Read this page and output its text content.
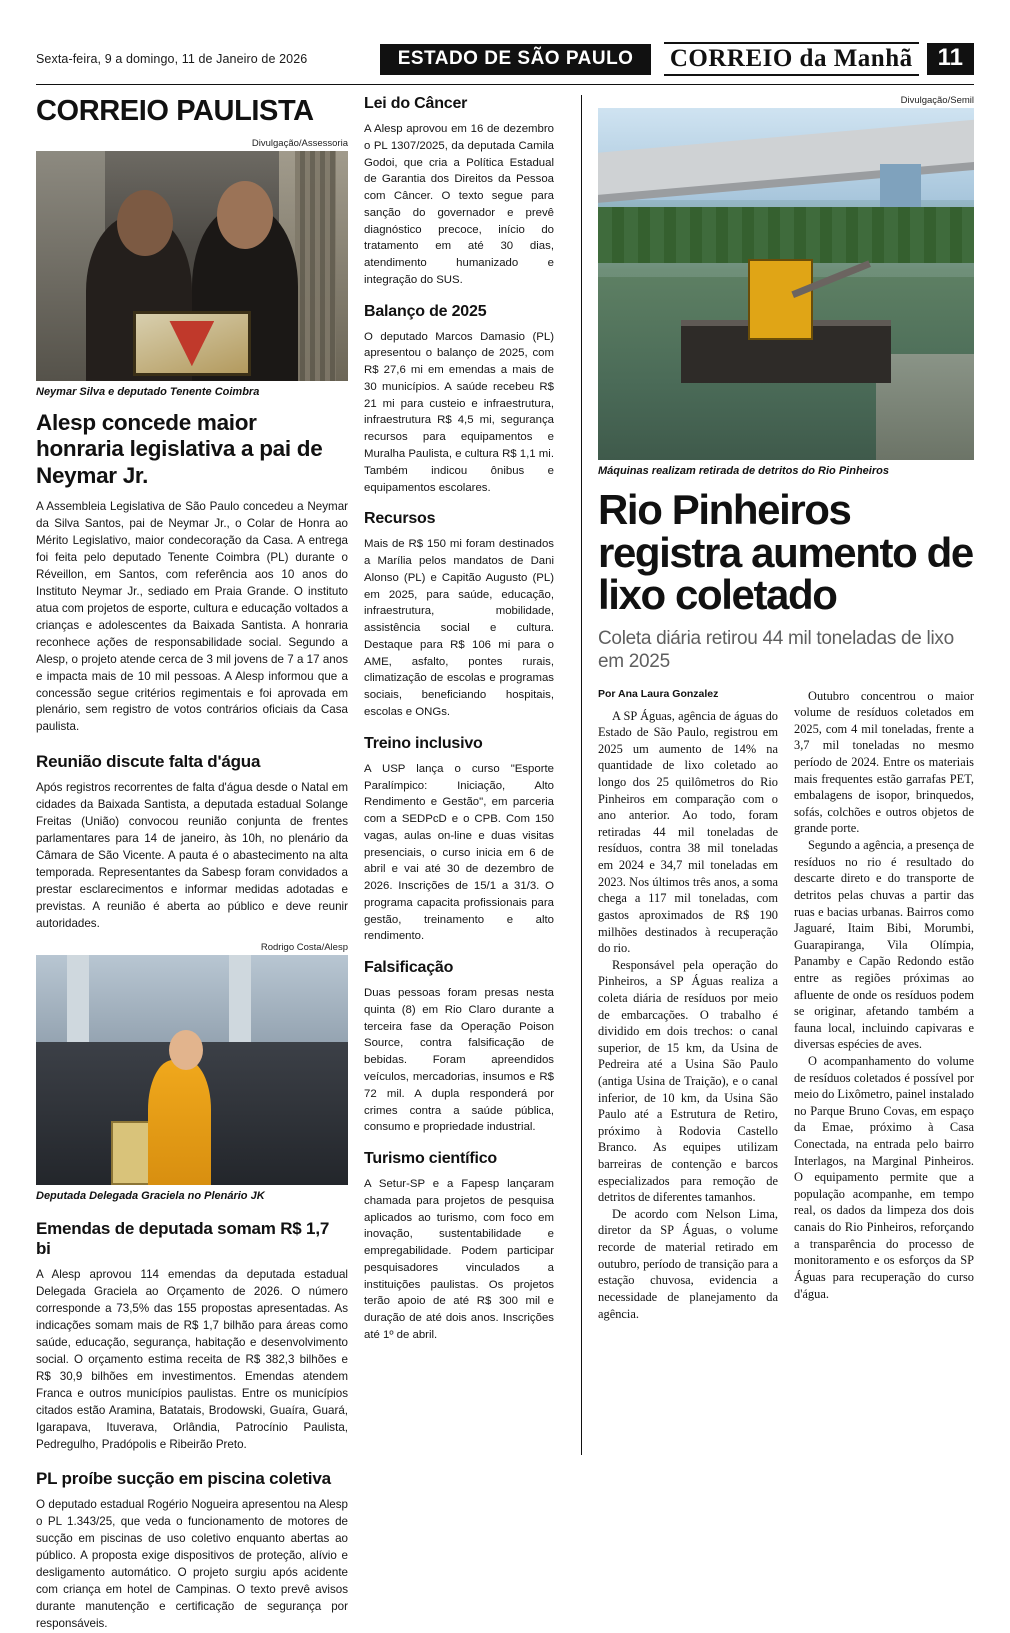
Sexta-feira, 9 a domingo, 11 de Janeiro de 2026	ESTADO DE SÃO PAULO	CORREIO da Manhã	11
CORREIO PAULISTA
Divulgação/Assessoria
Neymar Silva e deputado Tenente Coimbra
Alesp concede maior honraria legislativa a pai de Neymar Jr.

A Assembleia Legislativa de São Paulo concedeu a Neymar da Silva Santos, pai de Neymar Jr., o Colar de Honra ao Mérito Legislativo, maior condecoração da Casa. A entrega foi feita pelo deputado Tenente Coimbra (PL) durante o Réveillon, em Santos, com referência aos 10 anos do Instituto Neymar Jr., sediado em Praia Grande. O instituto atua com projetos de esporte, cultura e educação voltados a crianças e adolescentes da Baixada Santista. A honraria reconhece ações de responsabilidade social. Segundo a Alesp, o projeto atende cerca de 3 mil jovens de 7 a 17 anos e impacta mais de 10 mil pessoas. A Alesp informou que a concessão segue critérios regimentais e foi aprovada em plenário, sem registro de votos contrários oficiais da Casa paulista.

Reunião discute falta d'água

Após registros recorrentes de falta d'água desde o Natal em cidades da Baixada Santista, a deputada estadual Solange Freitas (União) convocou reunião conjunta de frentes parlamentares para 14 de janeiro, às 10h, no plenário da Câmara de São Vicente. A pauta é o abastecimento na alta temporada. Representantes da Sabesp foram convidados a prestar esclarecimentos e informar medidas adotadas e previstas. A reunião é aberta ao público e deve reunir autoridades.

Rodrigo Costa/Alesp
Deputada Delegada Graciela no Plenário JK
Emendas de deputada somam R$ 1,7 bi

A Alesp aprovou 114 emendas da deputada estadual Delegada Graciela ao Orçamento de 2026. O número corresponde a 73,5% das 155 propostas apresentadas. As indicações somam mais de R$ 1,7 bilhão para áreas como saúde, educação, segurança, habitação e desenvolvimento social. O orçamento estima receita de R$ 382,3 bilhões e R$ 30,9 bilhões em investimentos. Emendas atendem Franca e outros municípios paulistas. Entre os municípios citados estão Aramina, Batatais, Brodowski, Guaíra, Guará, Igarapava, Ituverava, Orlândia, Patrocínio Paulista, Pedregulho, Pradópolis e Ribeirão Preto.

PL proíbe sucção em piscina coletiva

O deputado estadual Rogério Nogueira apresentou na Alesp o PL 1.343/25, que veda o funcionamento de motores de sucção em piscinas de uso coletivo enquanto abertas ao público. A proposta exige dispositivos de proteção, alívio e desligamento automático. O projeto surgiu após acidente com criança em hotel de Campinas. O texto prevê avisos durante manutenção e certificação de segurança por responsáveis.

Lei do Câncer

A Alesp aprovou em 16 de dezembro o PL 1307/2025, da deputada Camila Godoi, que cria a Política Estadual de Garantia dos Direitos da Pessoa com Câncer. O texto segue para sanção do governador e prevê diagnóstico precoce, início do tratamento em até 30 dias, atendimento humanizado e integração do SUS.

Balanço de 2025

O deputado Marcos Damasio (PL) apresentou o balanço de 2025, com R$ 27,6 mi em emendas a mais de 30 municípios. A saúde recebeu R$ 21 mi para custeio e infraestrutura, infraestrutura R$ 4,5 mi, segurança recursos para equipamentos e Muralha Paulista, e cultura R$ 1,1 mi. Também indicou ônibus e equipamentos escolares.

Recursos

Mais de R$ 150 mi foram destinados a Marília pelos mandatos de Dani Alonso (PL) e Capitão Augusto (PL) em 2025, para saúde, educação, infraestrutura, mobilidade, assistência social e cultura. Destaque para R$ 106 mi para o AME, asfalto, pontes rurais, climatização de escolas e programas sociais, beneficiando hospitais, escolas e ONGs.

Treino inclusivo

A USP lança o curso "Esporte Paralímpico: Iniciação, Alto Rendimento e Gestão", em parceria com a SEDPcD e o CPB. Com 150 vagas, aulas on-line e duas visitas presenciais, o curso inicia em 6 de abril e vai até 30 de dezembro de 2026. Inscrições de 15/1 a 31/3. O programa capacita profissionais para gestão, treinamento e alto rendimento.

Falsificação

Duas pessoas foram presas nesta quinta (8) em Rio Claro durante a terceira fase da Operação Poison Source, contra falsificação de bebidas. Foram apreendidos veículos, mercadorias, insumos e R$ 72 mil. A dupla responderá por crimes contra a saúde pública, consumo e propriedade industrial.

Turismo científico

A Setur-SP e a Fapesp lançaram chamada para projetos de pesquisa aplicados ao turismo, com foco em inovação, sustentabilidade e empregabilidade. Podem participar pesquisadores vinculados a instituições paulistas. Os projetos terão apoio de até R$ 300 mil e duração de até dois anos. Inscrições até 1º de abril.

Divulgação/Semil
Máquinas realizam retirada de detritos do Rio Pinheiros
Rio Pinheiros registra aumento de lixo coletado
Coleta diária retirou 44 mil toneladas de lixo em 2025
Por Ana Laura Gonzalez

A SP Águas, agência de águas do Estado de São Paulo, registrou em 2025 um aumento de 14% na quantidade de lixo coletado ao longo dos 25 quilômetros do Rio Pinheiros em comparação com o ano anterior. Ao todo, foram retiradas 44 mil toneladas de resíduos, contra 38 mil toneladas em 2024 e 34,7 mil toneladas em 2023. Nos últimos três anos, a soma chega a 117 mil toneladas, com gastos aproximados de R$ 190 milhões destinados à recuperação do rio.

Responsável pela operação do Pinheiros, a SP Águas realiza a coleta diária de resíduos por meio de embarcações. O trabalho é dividido em dois trechos: o canal superior, de 15 km, da Usina de Pedreira até a Usina São Paulo (antiga Usina de Traição), e o canal inferior, de 10 km, da Usina São Paulo até a Estrutura de Retiro, próximo à Rodovia Castello Branco. As equipes utilizam barreiras de contenção e barcos especializados para remoção de detritos de diferentes tamanhos.

De acordo com Nelson Lima, diretor da SP Águas, o volume recorde de material retirado em outubro, período de transição para a estação chuvosa, evidencia a necessidade de planejamento da agência.

Outubro concentrou o maior volume de resíduos coletados em 2025, com 4 mil toneladas, frente a 3,7 mil toneladas no mesmo período de 2024. Entre os materiais mais frequentes estão garrafas PET, embalagens de isopor, brinquedos, sofás, colchões e outros objetos de grande porte.

Segundo a agência, a presença de resíduos no rio é resultado do descarte direto e do transporte de detritos pelas chuvas a partir das ruas e bacias urbanas. Bairros como Jaguaré, Itaim Bibi, Morumbi, Guarapiranga, Vila Olímpia, Panamby e Capão Redondo estão entre as regiões próximas ao afluente de onde os resíduos podem se originar, afetando também a fauna local, incluindo capivaras e diversas espécies de aves.

O acompanhamento do volume de resíduos coletados é possível por meio do Lixômetro, painel instalado no Parque Bruno Covas, em espaço da Emae, próximo à Casa Conectada, na entrada pelo bairro Interlagos, na Marginal Pinheiros. O equipamento permite que a população acompanhe, em tempo real, os dados da limpeza dos dois canais do Rio Pinheiros, reforçando a transparência do processo de monitoramento e os esforços da SP Águas para recuperação do curso d'água.
